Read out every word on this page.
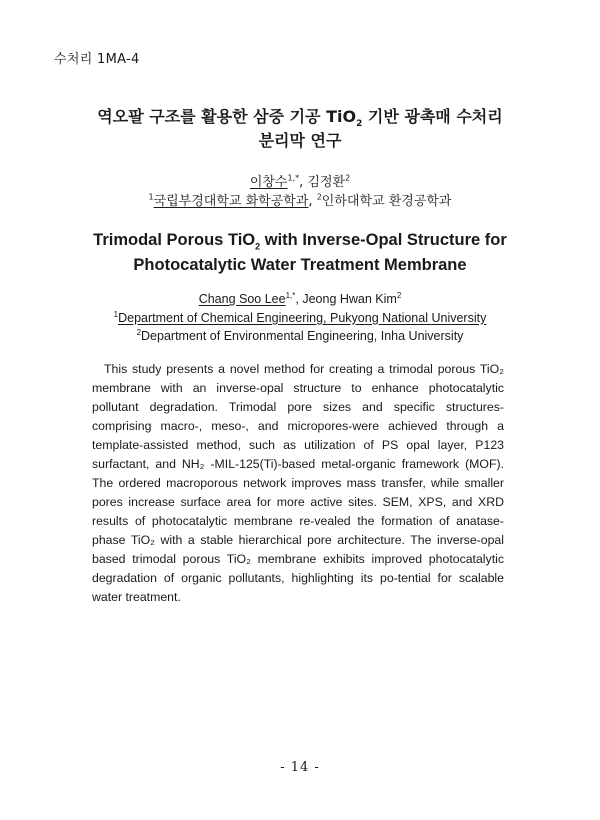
수처리 1MA-4
역오팔 구조를 활용한 삼중 기공 TiO$_2$ 기반 광촉매 수처리
분리막 연구
이창수$^{1,*}$, 김정환$^2$
$^1$국립부경대학교 화학공학과, $^2$인하대학교 환경공학과
Trimodal Porous TiO$_2$ with Inverse-Opal Structure for
Photocatalytic Water Treatment Membrane
Chang Soo Lee$^{1,*}$, Jeong Hwan Kim$^2$
$^1$Department of Chemical Engineering, Pukyong National University
$^2$Department of Environmental Engineering, Inha University

This study presents a novel method for creating a trimodal porous TiO₂ membrane with an inverse-opal structure to enhance photocatalytic pollutant degradation. Trimodal pore sizes and specific structures-comprising macro-, meso-, and micropores-were achieved through a template-assisted method, such as utilization of PS opal layer, P123 surfactant, and NH₂ -MIL-125(Ti)-based metal-organic framework (MOF). The ordered macroporous network improves mass transfer, while smaller pores increase surface area for more active sites. SEM, XPS, and XRD results of photocatalytic membrane re-vealed the formation of anatase-phase TiO₂ with a stable hierarchical pore architecture. The inverse-opal based trimodal porous TiO₂ membrane exhibits improved photocatalytic degradation of organic pollutants, highlighting its po-tential for scalable water treatment.

- 14 -
